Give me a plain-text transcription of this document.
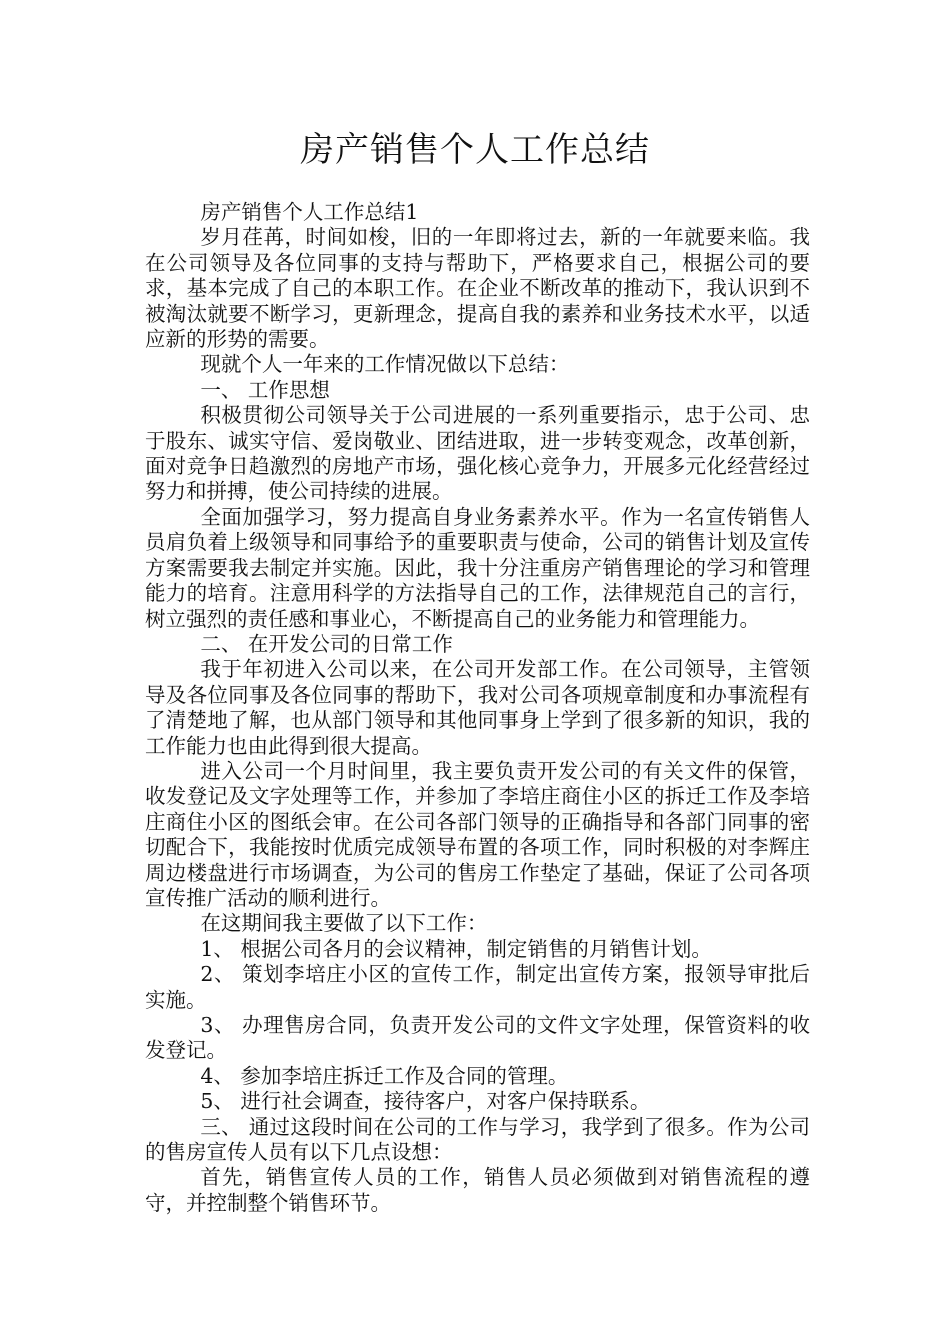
房产销售个人工作总结

房产销售个人工作总结1

岁月荏苒，时间如梭，旧的一年即将过去，新的一年就要来临。我在公司领导及各位同事的支持与帮助下，严格要求自己，根据公司的要求，基本完成了自己的本职工作。在企业不断改革的推动下，我认识到不被淘汰就要不断学习，更新理念，提高自我的素养和业务技术水平，以适应新的形势的需要。

现就个人一年来的工作情况做以下总结：

一、 工作思想

积极贯彻公司领导关于公司进展的一系列重要指示，忠于公司、忠于股东、诚实守信、爱岗敬业、团结进取，进一步转变观念，改革创新，面对竞争日趋激烈的房地产市场，强化核心竞争力，开展多元化经营经过努力和拼搏，使公司持续的进展。

全面加强学习，努力提高自身业务素养水平。作为一名宣传销售人员肩负着上级领导和同事给予的重要职责与使命，公司的销售计划及宣传方案需要我去制定并实施。因此，我十分注重房产销售理论的学习和管理能力的培育。注意用科学的方法指导自己的工作，法律规范自己的言行，树立强烈的责任感和事业心，不断提高自己的业务能力和管理能力。

二、 在开发公司的日常工作

我于年初进入公司以来，在公司开发部工作。在公司领导，主管领导及各位同事及各位同事的帮助下，我对公司各项规章制度和办事流程有了清楚地了解，也从部门领导和其他同事身上学到了很多新的知识，我的工作能力也由此得到很大提高。

进入公司一个月时间里，我主要负责开发公司的有关文件的保管，收发登记及文字处理等工作，并参加了李培庄商住小区的拆迁工作及李培庄商住小区的图纸会审。在公司各部门领导的正确指导和各部门同事的密切配合下，我能按时优质完成领导布置的各项工作，同时积极的对李辉庄周边楼盘进行市场调查，为公司的售房工作垫定了基础，保证了公司各项宣传推广活动的顺利进行。

在这期间我主要做了以下工作：

1、 根据公司各月的会议精神，制定销售的月销售计划。

2、 策划李培庄小区的宣传工作，制定出宣传方案，报领导审批后实施。

3、 办理售房合同，负责开发公司的文件文字处理，保管资料的收发登记。

4、 参加李培庄拆迁工作及合同的管理。

5、 进行社会调查，接待客户，对客户保持联系。

三、 通过这段时间在公司的工作与学习，我学到了很多。作为公司的售房宣传人员有以下几点设想：

首先，销售宣传人员的工作，销售人员必须做到对销售流程的遵守，并控制整个销售环节。
